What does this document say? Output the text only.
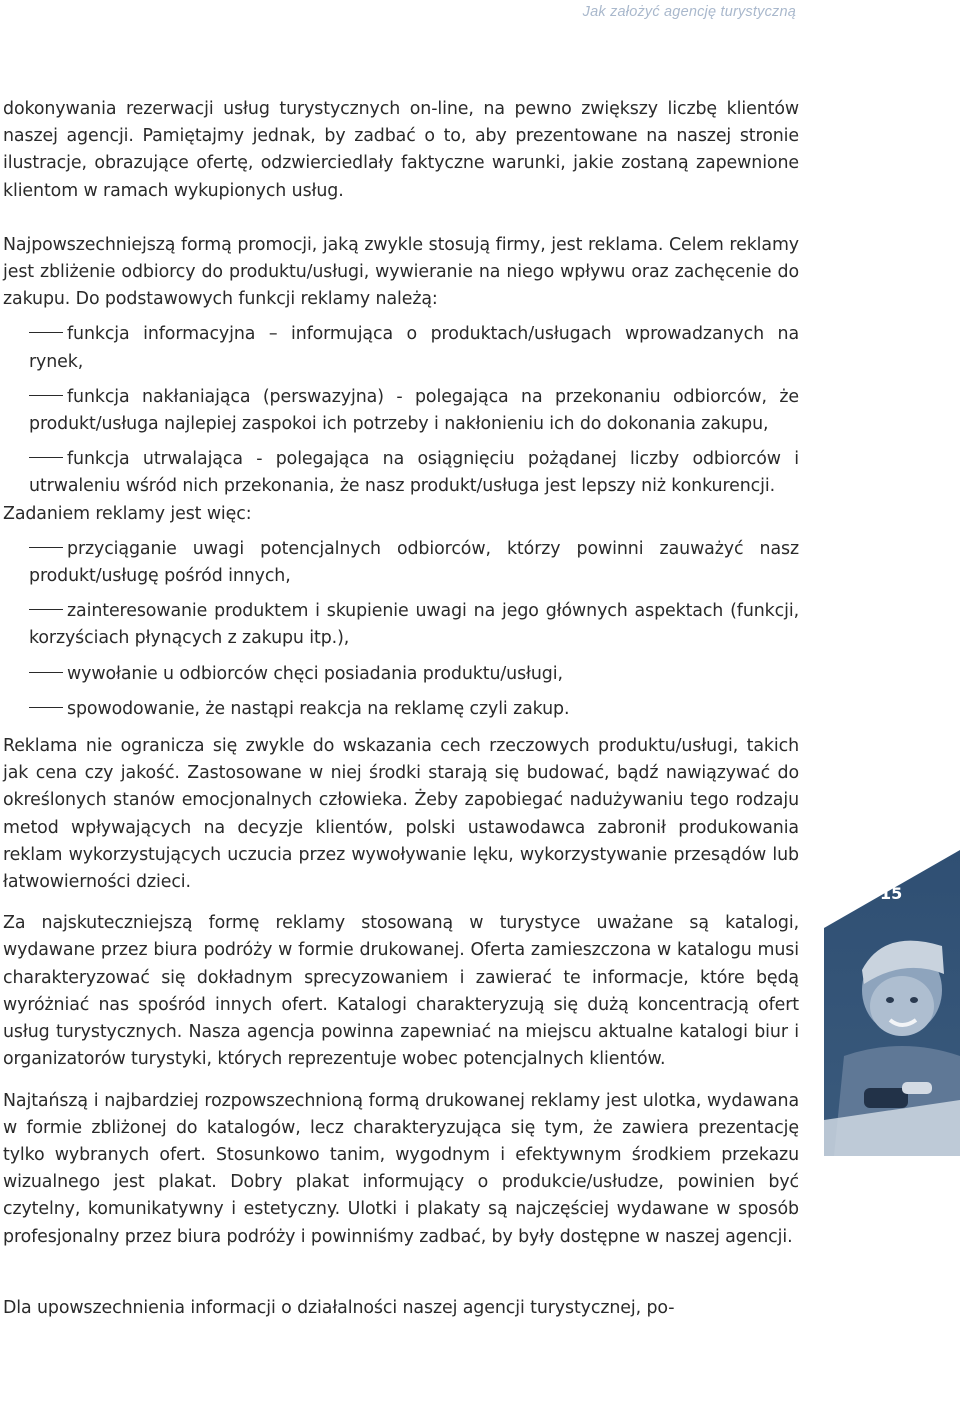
Jak założyć agencję turystyczną

dokonywania rezerwacji usług turystycznych on-line, na pewno zwiększy liczbę klientów naszej agencji. Pamiętajmy jednak, by zadbać o to, aby prezentowane na naszej stronie ilustracje, obrazujące ofertę, odzwierciedlały faktyczne warunki, jakie zostaną zapewnione klientom w ramach wykupionych usług.

Najpowszechniejszą formą promocji, jaką zwykle stosują firmy, jest reklama. Celem reklamy jest zbliżenie odbiorcy do produktu/usługi, wywieranie na niego wpływu oraz zachęcenie do zakupu. Do podstawowych funkcji reklamy należą:

funkcja informacyjna – informująca o produktach/usługach wprowadzanych na rynek,

funkcja nakłaniająca (perswazyjna) - polegająca na przekonaniu odbiorców, że produkt/usługa najlepiej zaspokoi ich potrzeby i nakłonieniu ich do dokonania zakupu,

funkcja utrwalająca - polegająca na osiągnięciu pożądanej liczby odbiorców i utrwaleniu wśród nich przekonania, że nasz produkt/usługa jest lepszy niż konkurencji.

Zadaniem reklamy jest więc:

przyciąganie uwagi potencjalnych odbiorców, którzy powinni zauważyć nasz produkt/usługę pośród innych,

zainteresowanie produktem i skupienie uwagi na jego głównych aspektach (funkcji, korzyściach płynących z zakupu itp.),

wywołanie u odbiorców chęci posiadania produktu/usługi,

spowodowanie, że nastąpi reakcja na reklamę czyli zakup.

Reklama nie ogranicza się zwykle do wskazania cech rzeczowych produktu/usługi, takich jak cena czy jakość. Zastosowane w niej środki starają się budować, bądź nawiązywać do określonych stanów emocjonalnych człowieka. Żeby zapobiegać nadużywaniu tego rodzaju metod wpływających na decyzje klientów, polski ustawodawca zabronił produkowania reklam wykorzystujących uczucia przez wywoływanie lęku, wykorzystywanie przesądów lub łatwowierności dzieci.

Za najskuteczniejszą formę reklamy stosowaną w turystyce uważane są katalogi, wydawane przez biura podróży w formie drukowanej. Oferta zamieszczona w katalogu musi charakteryzować się dokładnym sprecyzowaniem i zawierać te informacje, które będą wyróżniać nas spośród innych ofert. Katalogi charakteryzują się dużą koncentracją ofert usług turystycznych. Nasza agencja powinna zapewniać na miejscu aktualne katalogi biur i organizatorów turystyki, których reprezentuje wobec potencjalnych klientów.

Najtańszą i najbardziej rozpowszechnioną formą drukowanej reklamy jest ulotka, wydawana w formie zbliżonej do katalogów, lecz charakteryzująca się tym, że zawiera prezentację tylko wybranych ofert. Stosunkowo tanim, wygodnym i efektywnym środkiem przekazu wizualnego jest plakat. Dobry plakat informujący o produkcie/usłudze, powinien być czytelny, komunikatywny i estetyczny. Ulotki i plakaty są najczęściej wydawane w sposób profesjonalny przez biura podróży i powinniśmy zadbać, by były dostępne w naszej agencji.

Dla upowszechnienia informacji o działalności naszej agencji turystycznej, po-

15
